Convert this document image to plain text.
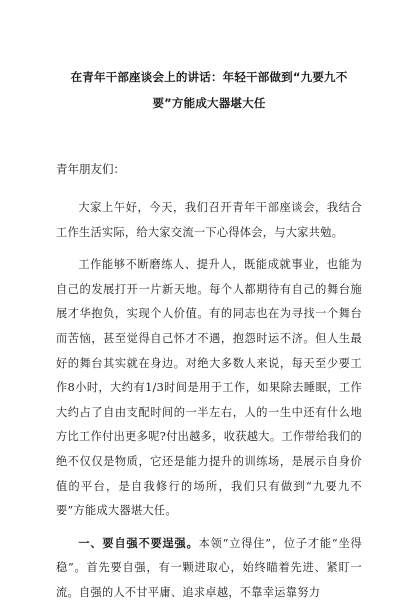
在青年干部座谈会上的讲话：年轻干部做到“九要九不
要”方能成大器堪大任
青年朋友们：

大家上午好，今天，我们召开青年干部座谈会，我结合工作生活实际，给大家交流一下心得体会，与大家共勉。

工作能够不断磨练人、提升人，既能成就事业，也能为自己的发展打开一片新天地。每个人都期待有自己的舞台施展才华抱负，实现个人价值。有的同志也在为寻找一个舞台而苦恼，甚至觉得自己怀才不遇，抱怨时运不济。但人生最好的舞台其实就在身边。对绝大多数人来说，每天至少要工作8小时，大约有1/3时间是用于工作，如果除去睡眠，工作大约占了自由支配时间的一半左右，人的一生中还有什么地方比工作付出更多呢?付出越多，收获越大。工作带给我们的绝不仅仅是物质，它还是能力提升的训练场，是展示自身价值的平台，是自我修行的场所，我们只有做到“九要九不要”方能成大器堪大任。

一、要自强不要逞强。本领“立得住”，位子才能“坐得稳”。首先要自强，有一颗进取心，始终瞄着先进、紧盯一流。自强的人不甘平庸、追求卓越，不靠幸运靠努力
